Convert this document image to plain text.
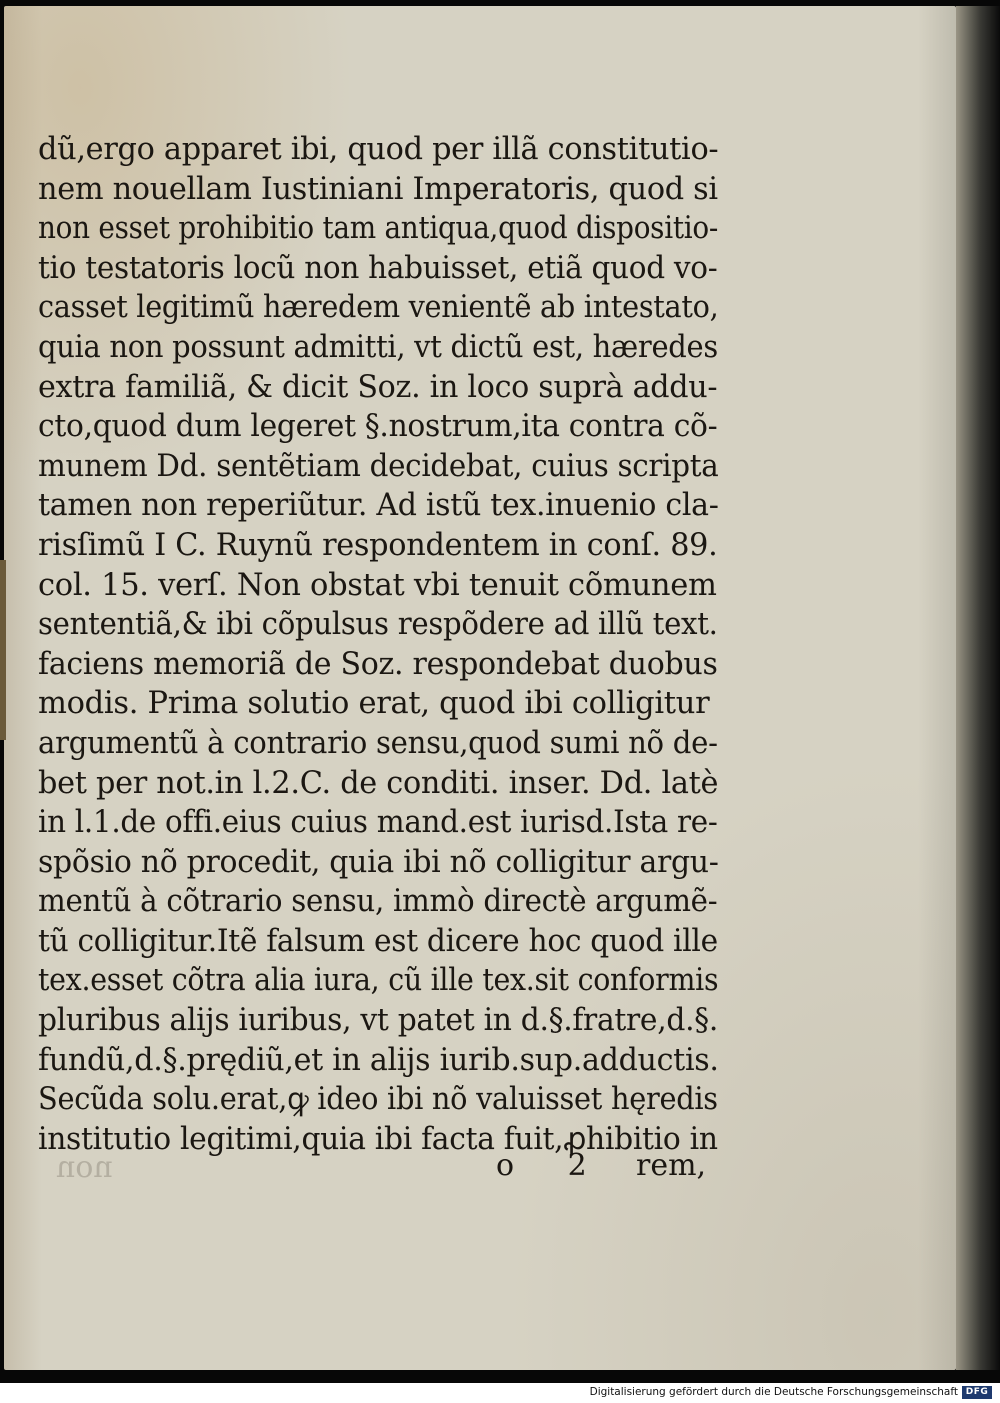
dũ,ergo apparet ibi, quod per illã constitutio-
nem nouellam Iustiniani Imperatoris, quod si
non esset prohibitio tam antiqua,quod dispositio-
tio testatoris locũ non habuisset, etiã quod vo-
casset legitimũ hæredem venientẽ ab intestato,
quia non possunt admitti, vt dictũ est, hæredes
extra familiã, & dicit Soz. in loco suprà addu-
cto,quod dum legeret §.nostrum,ita contra cõ-
munem Dd. sentẽtiam decidebat, cuius scripta
tamen non reperiũtur. Ad istũ tex.inuenio cla-
risſimũ I C. Ruynũ respondentem in conſ. 89.
col. 15. verſ. Non obstat vbi tenuit cõmunem
sententiã,& ibi cõpulsus respõdere ad illũ text.
faciens memoriã de Soz. respondebat duobus
modis. Prima solutio erat, quod ibi colligitur
argumentũ à contrario sensu,quod sumi nõ de-
bet per not.in l.2.C. de conditi. inser. Dd. latè
in l.1.de offi.eius cuius mand.est iurisd.Ista re-
spõsio nõ procedit, quia ibi nõ colligitur argu-
mentũ à cõtrario sensu, immò directè argumẽ-
tũ colligitur.Itẽ falsum est dicere hoc quod ille
tex.esset cõtra alia iura, cũ ille tex.sit conformis
pluribus alijs iuribus, vt patet in d.§.fratre,d.§.
fundũ,d.§.prędiũ,et in alijs iurib.sup.adductis.
Secũda solu.erat,ꝙ ideo ibi nõ valuisset hęredis
institutio legitimi,quia ibi facta fuit,ꝓhibitio in
non	o 2 rem,
Digitalisierung gefördert durch die Deutsche Forschungsgemeinschaft DFG
